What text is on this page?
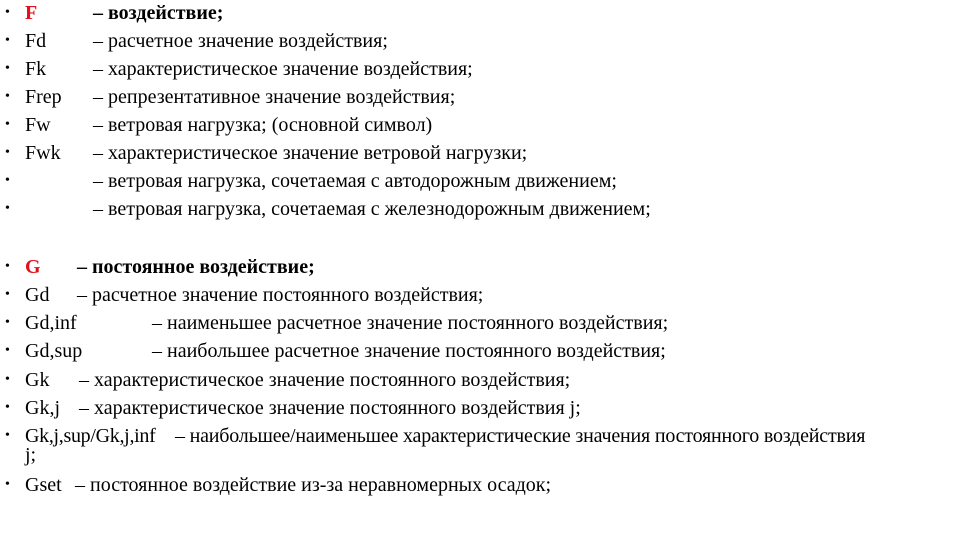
• F	– воздействие;
• Fd – расчетное значение воздействия;
• Fk – характеристическое значение воздействия;
• Frep – репрезентативное значение воздействия;
• Fw – ветровая нагрузка; (основной символ)
• Fwk – характеристическое значение ветровой нагрузки;
•	– ветровая нагрузка, сочетаемая с автодорожным движением;
•	– ветровая нагрузка, сочетаемая с железнодорожным движением;
• G – постоянное воздействие;
• Gd – расчетное значение постоянного воздействия;
• Gd,inf	– наименьшее расчетное значение постоянного воздействия;
• Gd,sup	– наибольшее расчетное значение постоянного воздействия;
• Gk – характеристическое значение постоянного воздействия;
• Gk,j – характеристическое значение постоянного воздействия j;
• Gk,j,sup/Gk,j,inf – наибольшее/наименьшее характеристические значения постоянного воздействия
j;
• Gset – постоянное воздействие из-за неравномерных осадок;
